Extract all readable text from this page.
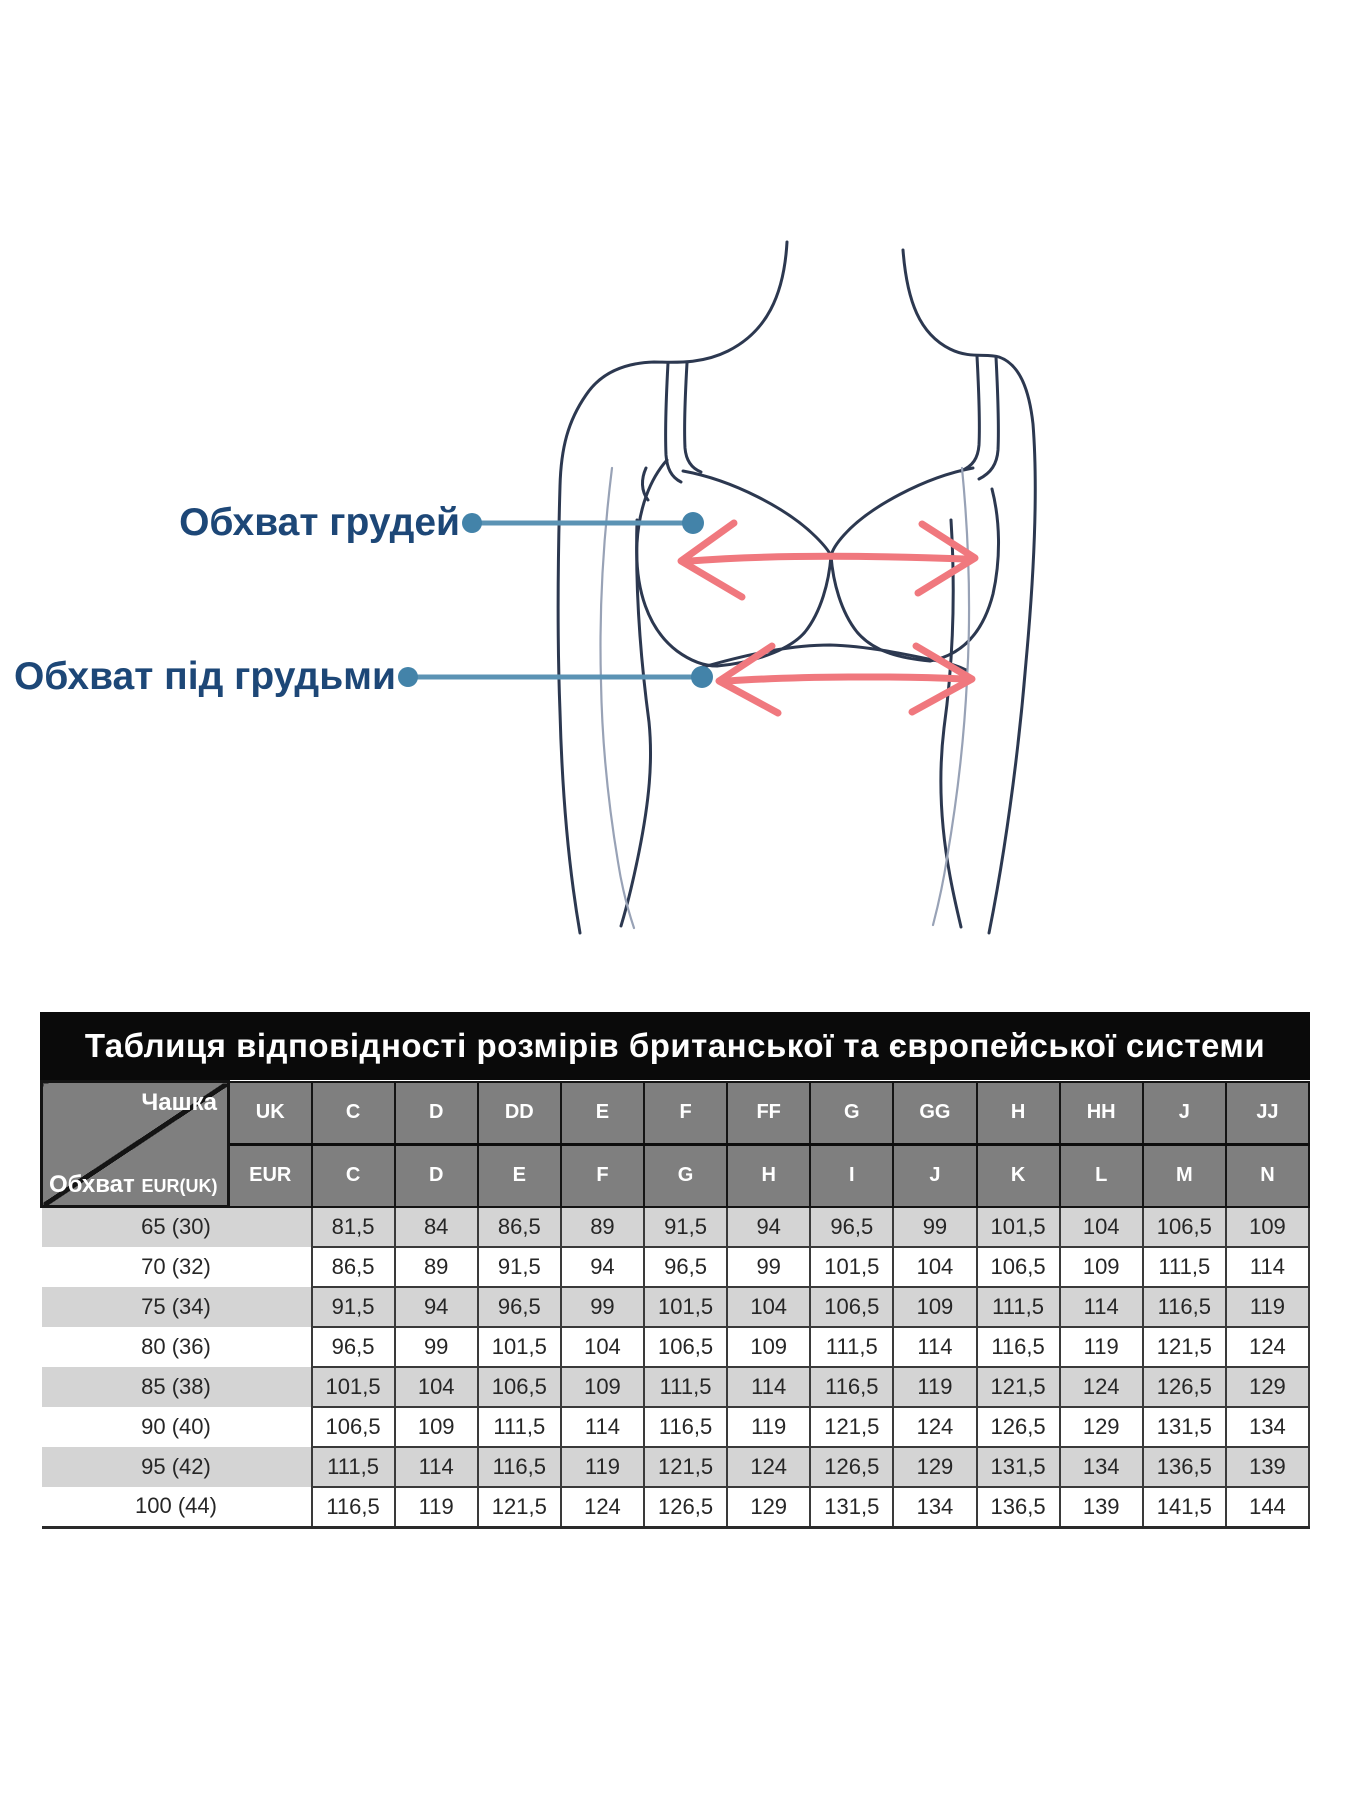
Обхват грудей
Обхват під грудьми
Таблиця відповідності розмірів британської та європейської системи
Чашка
Обхват EUR(UK)	UK	C	D	DD	E	F	FF	G	GG	H	HH	J	JJ
	EUR	C	D	E	F	G	H	I	J	K	L	M	N
65 (30)		81,5	84	86,5	89	91,5	94	96,5	99	101,5	104	106,5	109
70 (32)		86,5	89	91,5	94	96,5	99	101,5	104	106,5	109	111,5	114
75 (34)		91,5	94	96,5	99	101,5	104	106,5	109	111,5	114	116,5	119
80 (36)		96,5	99	101,5	104	106,5	109	111,5	114	116,5	119	121,5	124
85 (38)		101,5	104	106,5	109	111,5	114	116,5	119	121,5	124	126,5	129
90 (40)		106,5	109	111,5	114	116,5	119	121,5	124	126,5	129	131,5	134
95 (42)		111,5	114	116,5	119	121,5	124	126,5	129	131,5	134	136,5	139
100 (44)		116,5	119	121,5	124	126,5	129	131,5	134	136,5	139	141,5	144
